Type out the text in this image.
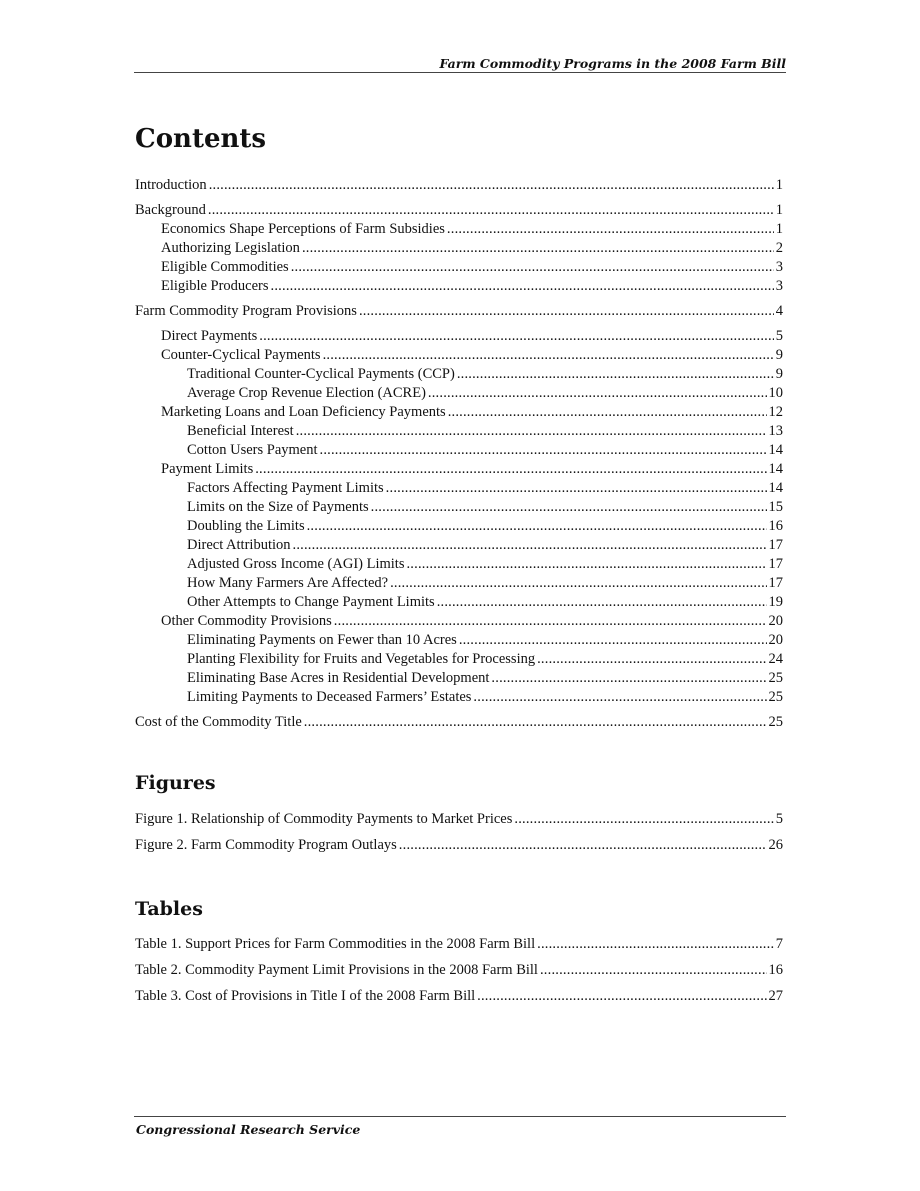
Farm Commodity Programs in the 2008 Farm Bill
Contents
Introduction .....	1
Background .....	1
Economics Shape Perceptions of Farm Subsidies .....	1
Authorizing Legislation .....	2
Eligible Commodities .....	3
Eligible Producers .....	3
Farm Commodity Program Provisions .....	4
Direct Payments .....	5
Counter-Cyclical Payments .....	9
Traditional Counter-Cyclical Payments (CCP) .....	9
Average Crop Revenue Election (ACRE) .....	10
Marketing Loans and Loan Deficiency Payments .....	12
Beneficial Interest .....	13
Cotton Users Payment .....	14
Payment Limits .....	14
Factors Affecting Payment Limits .....	14
Limits on the Size of Payments .....	15
Doubling the Limits .....	16
Direct Attribution .....	17
Adjusted Gross Income (AGI) Limits .....	17
How Many Farmers Are Affected? .....	17
Other Attempts to Change Payment Limits .....	19
Other Commodity Provisions .....	20
Eliminating Payments on Fewer than 10 Acres .....	20
Planting Flexibility for Fruits and Vegetables for Processing .....	24
Eliminating Base Acres in Residential Development .....	25
Limiting Payments to Deceased Farmers’ Estates .....	25
Cost of the Commodity Title .....	25
Figures
Figure 1. Relationship of Commodity Payments to Market Prices .....	5
Figure 2. Farm Commodity Program Outlays .....	26
Tables
Table 1. Support Prices for Farm Commodities in the 2008 Farm Bill .....	7
Table 2. Commodity Payment Limit Provisions in the 2008 Farm Bill .....	16
Table 3. Cost of Provisions in Title I of the 2008 Farm Bill .....	27
Congressional Research Service
